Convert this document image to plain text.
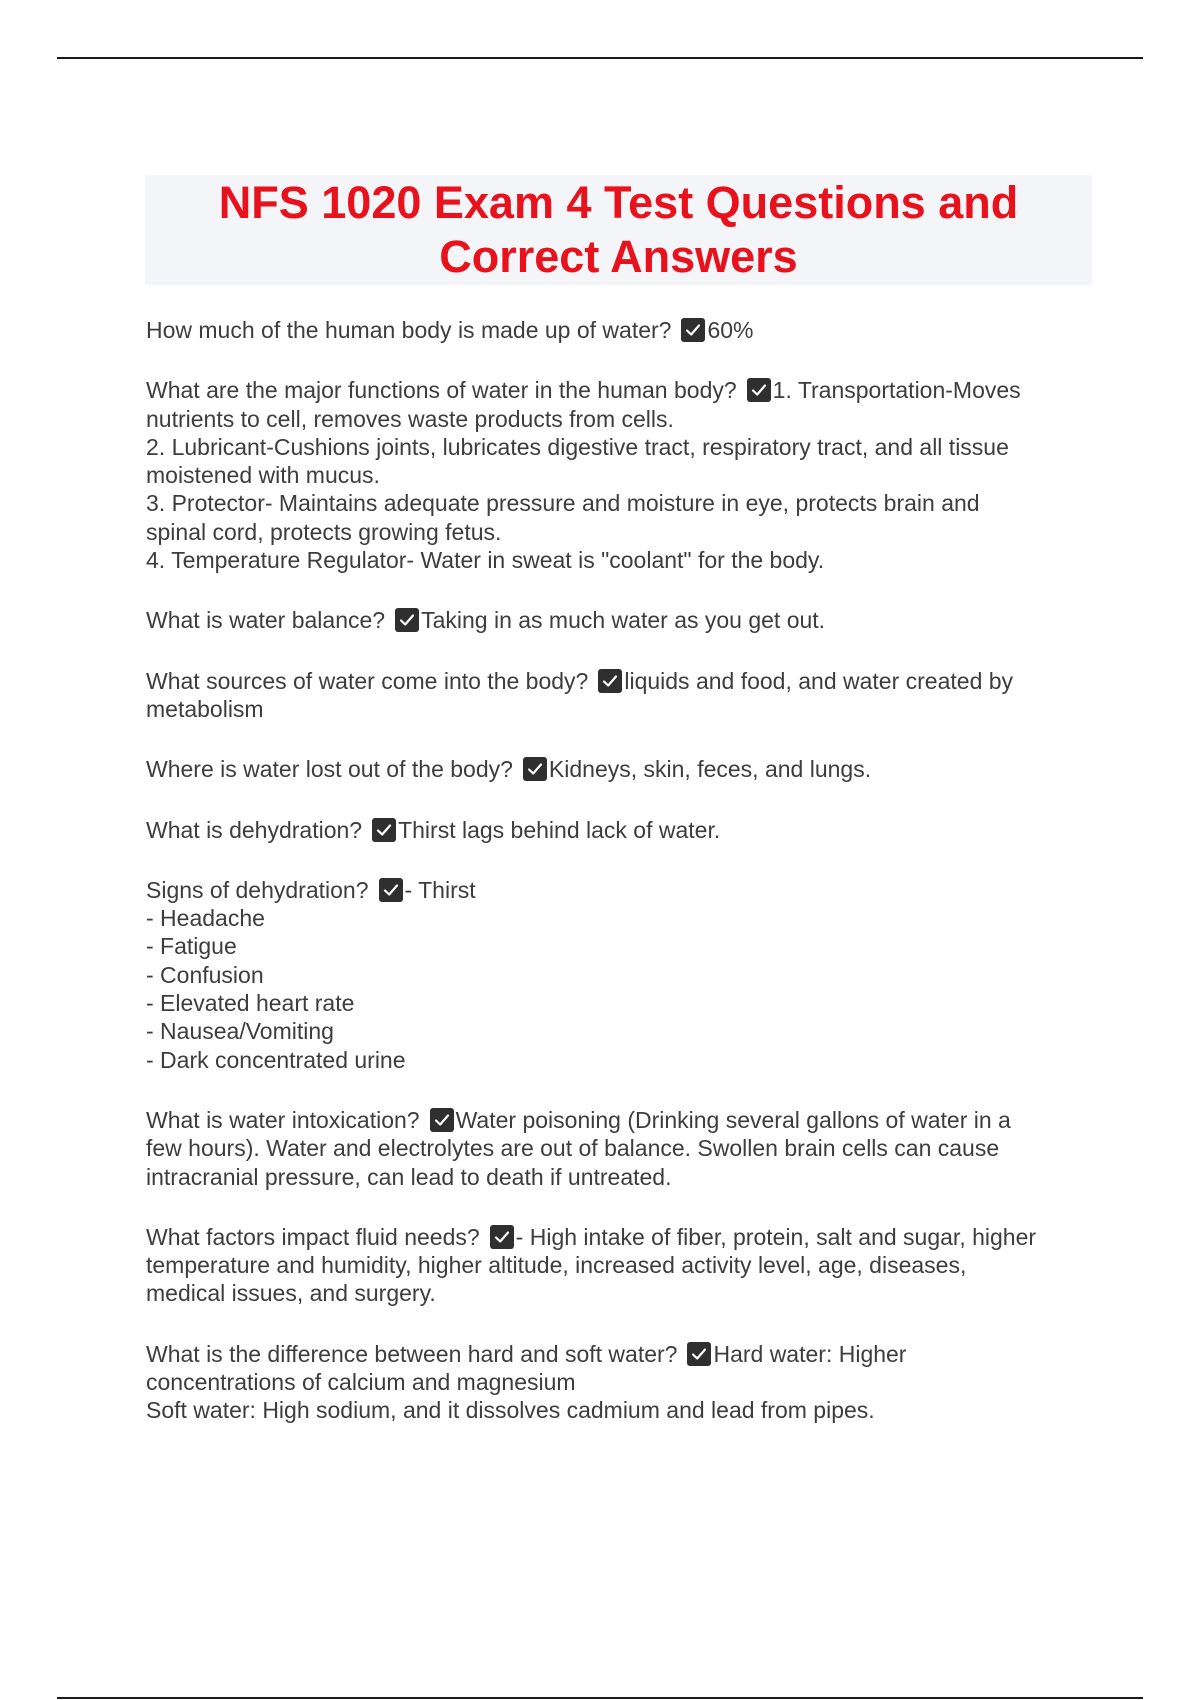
NFS 1020 Exam 4 Test Questions and
Correct Answers

How much of the human body is made up of water? 60%

What are the major functions of water in the human body? 1. Transportation-Moves
nutrients to cell, removes waste products from cells.
2. Lubricant-Cushions joints, lubricates digestive tract, respiratory tract, and all tissue
moistened with mucus.
3. Protector- Maintains adequate pressure and moisture in eye, protects brain and
spinal cord, protects growing fetus.
4. Temperature Regulator- Water in sweat is "coolant" for the body.

What is water balance? Taking in as much water as you get out.

What sources of water come into the body? liquids and food, and water created by
metabolism

Where is water lost out of the body? Kidneys, skin, feces, and lungs.

What is dehydration? Thirst lags behind lack of water.

Signs of dehydration? - Thirst
- Headache
- Fatigue
- Confusion
- Elevated heart rate
- Nausea/Vomiting
- Dark concentrated urine

What is water intoxication? Water poisoning (Drinking several gallons of water in a
few hours). Water and electrolytes are out of balance. Swollen brain cells can cause
intracranial pressure, can lead to death if untreated.

What factors impact fluid needs? - High intake of fiber, protein, salt and sugar, higher
temperature and humidity, higher altitude, increased activity level, age, diseases,
medical issues, and surgery.

What is the difference between hard and soft water? Hard water: Higher
concentrations of calcium and magnesium
Soft water: High sodium, and it dissolves cadmium and lead from pipes.
